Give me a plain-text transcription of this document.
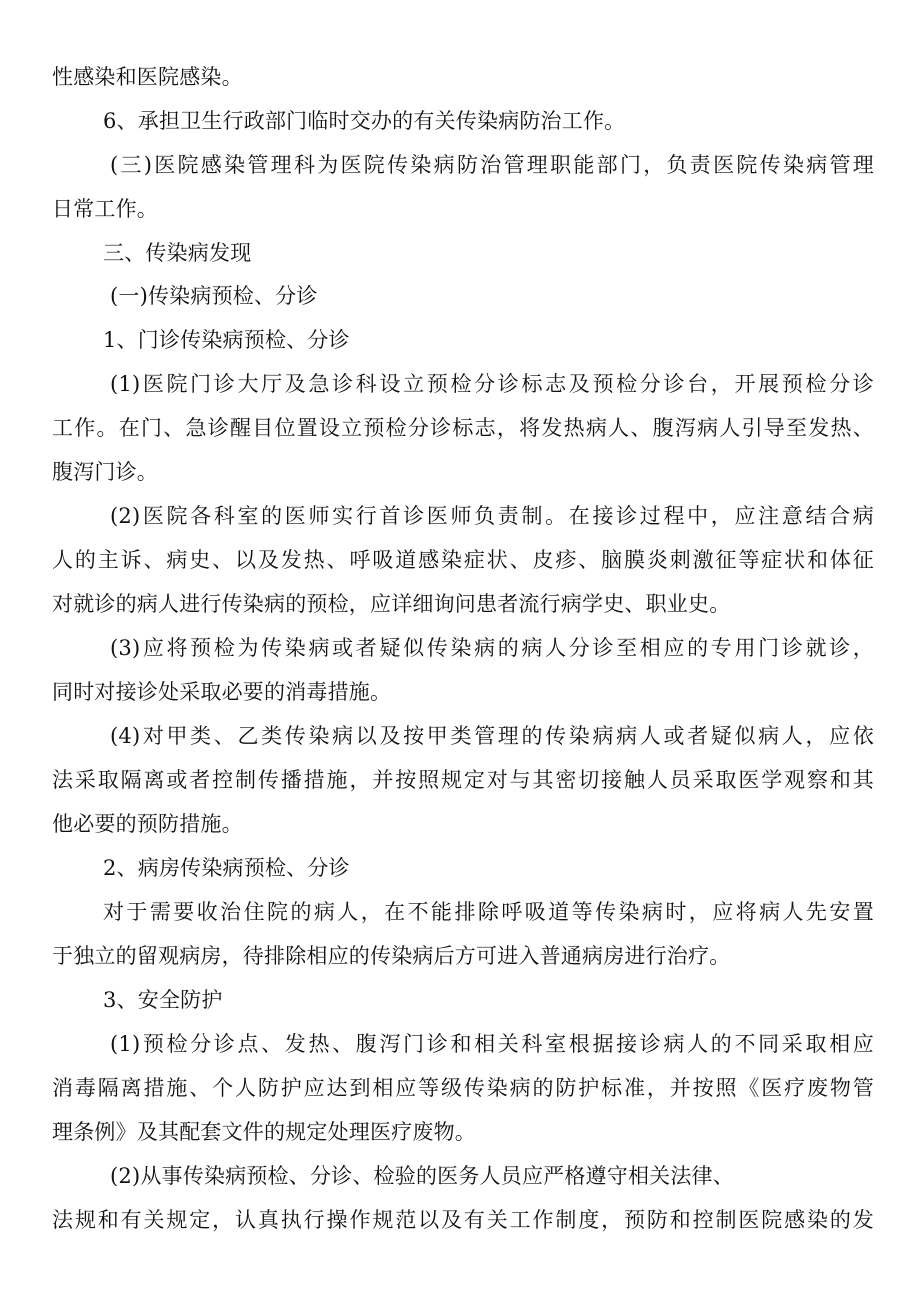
性感染和医院感染。
6、承担卫生行政部门临时交办的有关传染病防治工作。
(三)医院感染管理科为医院传染病防治管理职能部门，负责医院传染病管理
日常工作。
三、传染病发现
(一)传染病预检、分诊
1、门诊传染病预检、分诊
(1)医院门诊大厅及急诊科设立预检分诊标志及预检分诊台，开展预检分诊
工作。在门、急诊醒目位置设立预检分诊标志，将发热病人、腹泻病人引导至发热、
腹泻门诊。
(2)医院各科室的医师实行首诊医师负责制。在接诊过程中，应注意结合病
人的主诉、病史、以及发热、呼吸道感染症状、皮疹、脑膜炎刺激征等症状和体征
对就诊的病人进行传染病的预检，应详细询问患者流行病学史、职业史。
(3)应将预检为传染病或者疑似传染病的病人分诊至相应的专用门诊就诊，
同时对接诊处采取必要的消毒措施。
(4)对甲类、乙类传染病以及按甲类管理的传染病病人或者疑似病人，应依
法采取隔离或者控制传播措施，并按照规定对与其密切接触人员采取医学观察和其
他必要的预防措施。
2、病房传染病预检、分诊
对于需要收治住院的病人，在不能排除呼吸道等传染病时，应将病人先安置
于独立的留观病房，待排除相应的传染病后方可进入普通病房进行治疗。
3、安全防护
(1)预检分诊点、发热、腹泻门诊和相关科室根据接诊病人的不同采取相应
消毒隔离措施、个人防护应达到相应等级传染病的防护标准，并按照《医疗废物管
理条例》及其配套文件的规定处理医疗废物。
(2)从事传染病预检、分诊、检验的医务人员应严格遵守相关法律、
法规和有关规定，认真执行操作规范以及有关工作制度，预防和控制医院感染的发
